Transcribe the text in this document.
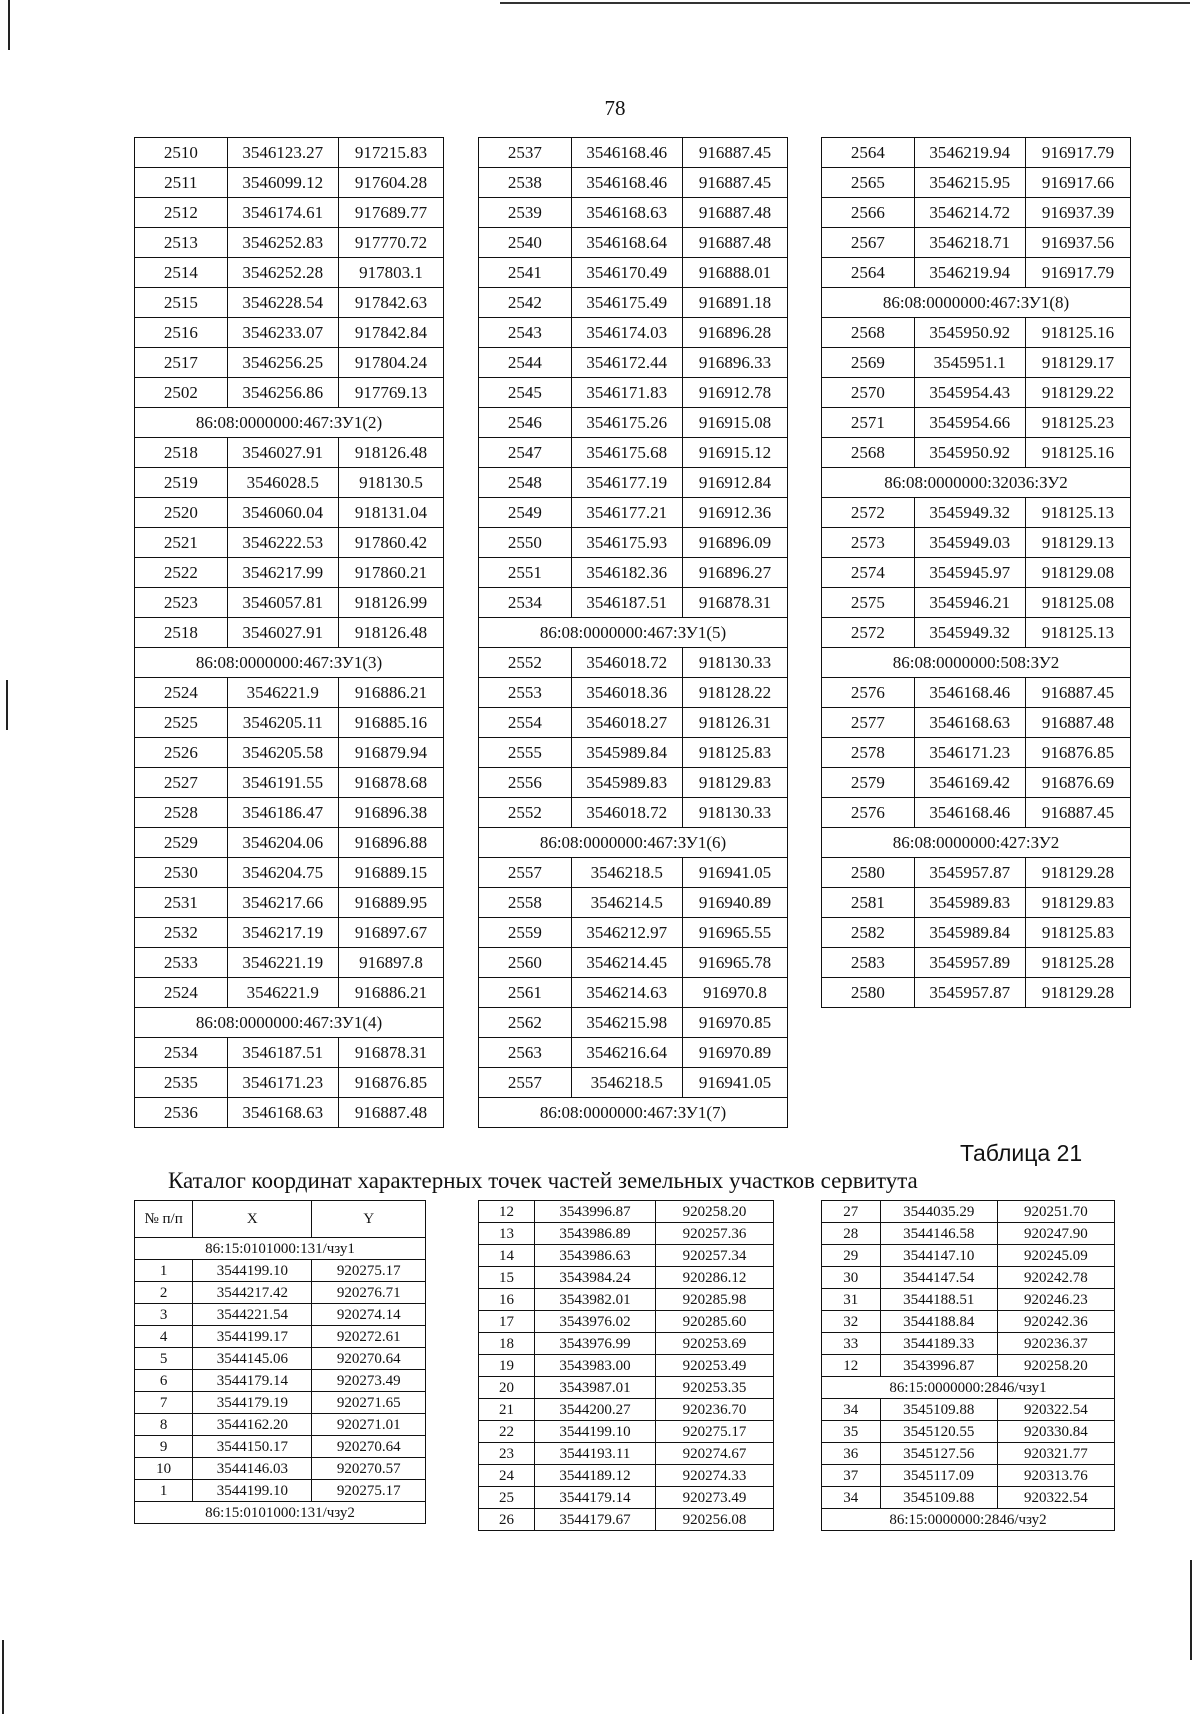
78
2510	3546123.27	917215.83
2511	3546099.12	917604.28
2512	3546174.61	917689.77
2513	3546252.83	917770.72
2514	3546252.28	917803.1
2515	3546228.54	917842.63
2516	3546233.07	917842.84
2517	3546256.25	917804.24
2502	3546256.86	917769.13
86:08:0000000:467:ЗУ1(2)		
2518	3546027.91	918126.48
2519	3546028.5	918130.5
2520	3546060.04	918131.04
2521	3546222.53	917860.42
2522	3546217.99	917860.21
2523	3546057.81	918126.99
2518	3546027.91	918126.48
86:08:0000000:467:ЗУ1(3)		
2524	3546221.9	916886.21
2525	3546205.11	916885.16
2526	3546205.58	916879.94
2527	3546191.55	916878.68
2528	3546186.47	916896.38
2529	3546204.06	916896.88
2530	3546204.75	916889.15
2531	3546217.66	916889.95
2532	3546217.19	916897.67
2533	3546221.19	916897.8
2524	3546221.9	916886.21
86:08:0000000:467:ЗУ1(4)		
2534	3546187.51	916878.31
2535	3546171.23	916876.85
2536	3546168.63	916887.48
2537	3546168.46	916887.45
2538	3546168.46	916887.45
2539	3546168.63	916887.48
2540	3546168.64	916887.48
2541	3546170.49	916888.01
2542	3546175.49	916891.18
2543	3546174.03	916896.28
2544	3546172.44	916896.33
2545	3546171.83	916912.78
2546	3546175.26	916915.08
2547	3546175.68	916915.12
2548	3546177.19	916912.84
2549	3546177.21	916912.36
2550	3546175.93	916896.09
2551	3546182.36	916896.27
2534	3546187.51	916878.31
86:08:0000000:467:ЗУ1(5)		
2552	3546018.72	918130.33
2553	3546018.36	918128.22
2554	3546018.27	918126.31
2555	3545989.84	918125.83
2556	3545989.83	918129.83
2552	3546018.72	918130.33
86:08:0000000:467:ЗУ1(6)		
2557	3546218.5	916941.05
2558	3546214.5	916940.89
2559	3546212.97	916965.55
2560	3546214.45	916965.78
2561	3546214.63	916970.8
2562	3546215.98	916970.85
2563	3546216.64	916970.89
2557	3546218.5	916941.05
86:08:0000000:467:ЗУ1(7)		
2564	3546219.94	916917.79
2565	3546215.95	916917.66
2566	3546214.72	916937.39
2567	3546218.71	916937.56
2564	3546219.94	916917.79
86:08:0000000:467:ЗУ1(8)		
2568	3545950.92	918125.16
2569	3545951.1	918129.17
2570	3545954.43	918129.22
2571	3545954.66	918125.23
2568	3545950.92	918125.16
86:08:0000000:32036:ЗУ2		
2572	3545949.32	918125.13
2573	3545949.03	918129.13
2574	3545945.97	918129.08
2575	3545946.21	918125.08
2572	3545949.32	918125.13
86:08:0000000:508:ЗУ2		
2576	3546168.46	916887.45
2577	3546168.63	916887.48
2578	3546171.23	916876.85
2579	3546169.42	916876.69
2576	3546168.46	916887.45
86:08:0000000:427:ЗУ2		
2580	3545957.87	918129.28
2581	3545989.83	918129.83
2582	3545989.84	918125.83
2583	3545957.89	918125.28
2580	3545957.87	918129.28
Таблица 21
Каталог координат характерных точек частей земельных участков сервитута
№ п/п	X	Y
86:15:0101000:131/чзу1		
1	3544199.10	920275.17
2	3544217.42	920276.71
3	3544221.54	920274.14
4	3544199.17	920272.61
5	3544145.06	920270.64
6	3544179.14	920273.49
7	3544179.19	920271.65
8	3544162.20	920271.01
9	3544150.17	920270.64
10	3544146.03	920270.57
1	3544199.10	920275.17
86:15:0101000:131/чзу2		
12	3543996.87	920258.20
13	3543986.89	920257.36
14	3543986.63	920257.34
15	3543984.24	920286.12
16	3543982.01	920285.98
17	3543976.02	920285.60
18	3543976.99	920253.69
19	3543983.00	920253.49
20	3543987.01	920253.35
21	3544200.27	920236.70
22	3544199.10	920275.17
23	3544193.11	920274.67
24	3544189.12	920274.33
25	3544179.14	920273.49
26	3544179.67	920256.08
27	3544035.29	920251.70
28	3544146.58	920247.90
29	3544147.10	920245.09
30	3544147.54	920242.78
31	3544188.51	920246.23
32	3544188.84	920242.36
33	3544189.33	920236.37
12	3543996.87	920258.20
86:15:0000000:2846/чзу1		
34	3545109.88	920322.54
35	3545120.55	920330.84
36	3545127.56	920321.77
37	3545117.09	920313.76
34	3545109.88	920322.54
86:15:0000000:2846/чзу2		
